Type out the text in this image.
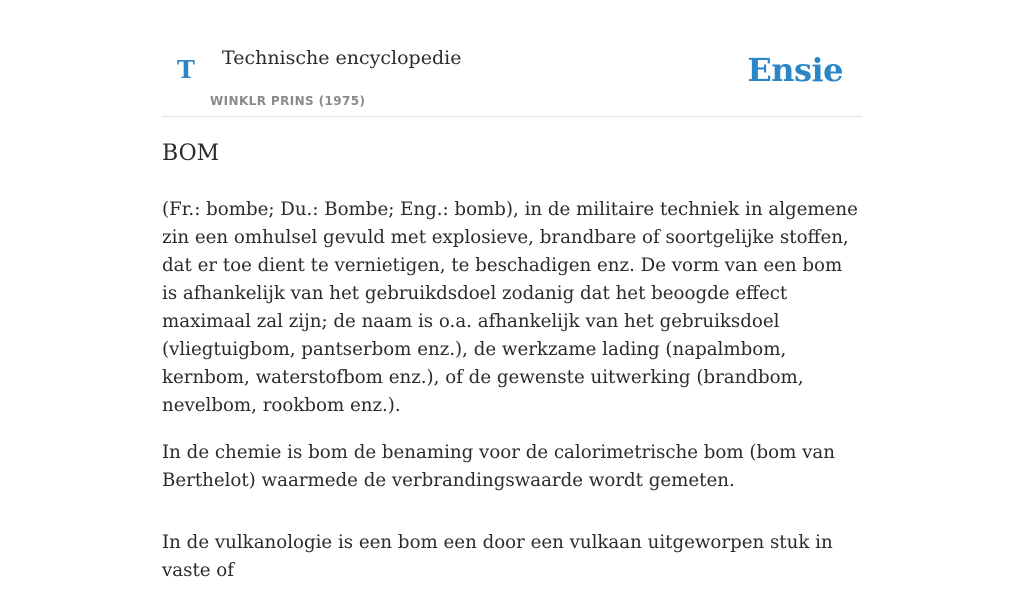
T Technische encyclopedie
WINKLR PRINS (1975)
Ensie
BOM

(Fr.: bombe; Du.: Bombe; Eng.: bomb), in de militaire techniek in algemene zin een omhulsel gevuld met explosieve, brandbare of soortgelijke stoffen, dat er toe dient te vernietigen, te beschadigen enz. De vorm van een bom is afhankelijk van het gebruikdsdoel zodanig dat het beoogde effect maximaal zal zijn; de naam is o.a. afhankelijk van het gebruiksdoel (vliegtuigbom, pantserbom enz.), de werkzame lading (napalmbom, kernbom, waterstofbom enz.), of de gewenste uitwerking (brandbom, nevelbom, rookbom enz.).

In de chemie is bom de benaming voor de calorimetrische bom (bom van Berthelot) waarmede de verbrandingswaarde wordt gemeten.

In de vulkanologie is een bom een door een vulkaan uitgeworpen stuk in vaste of
